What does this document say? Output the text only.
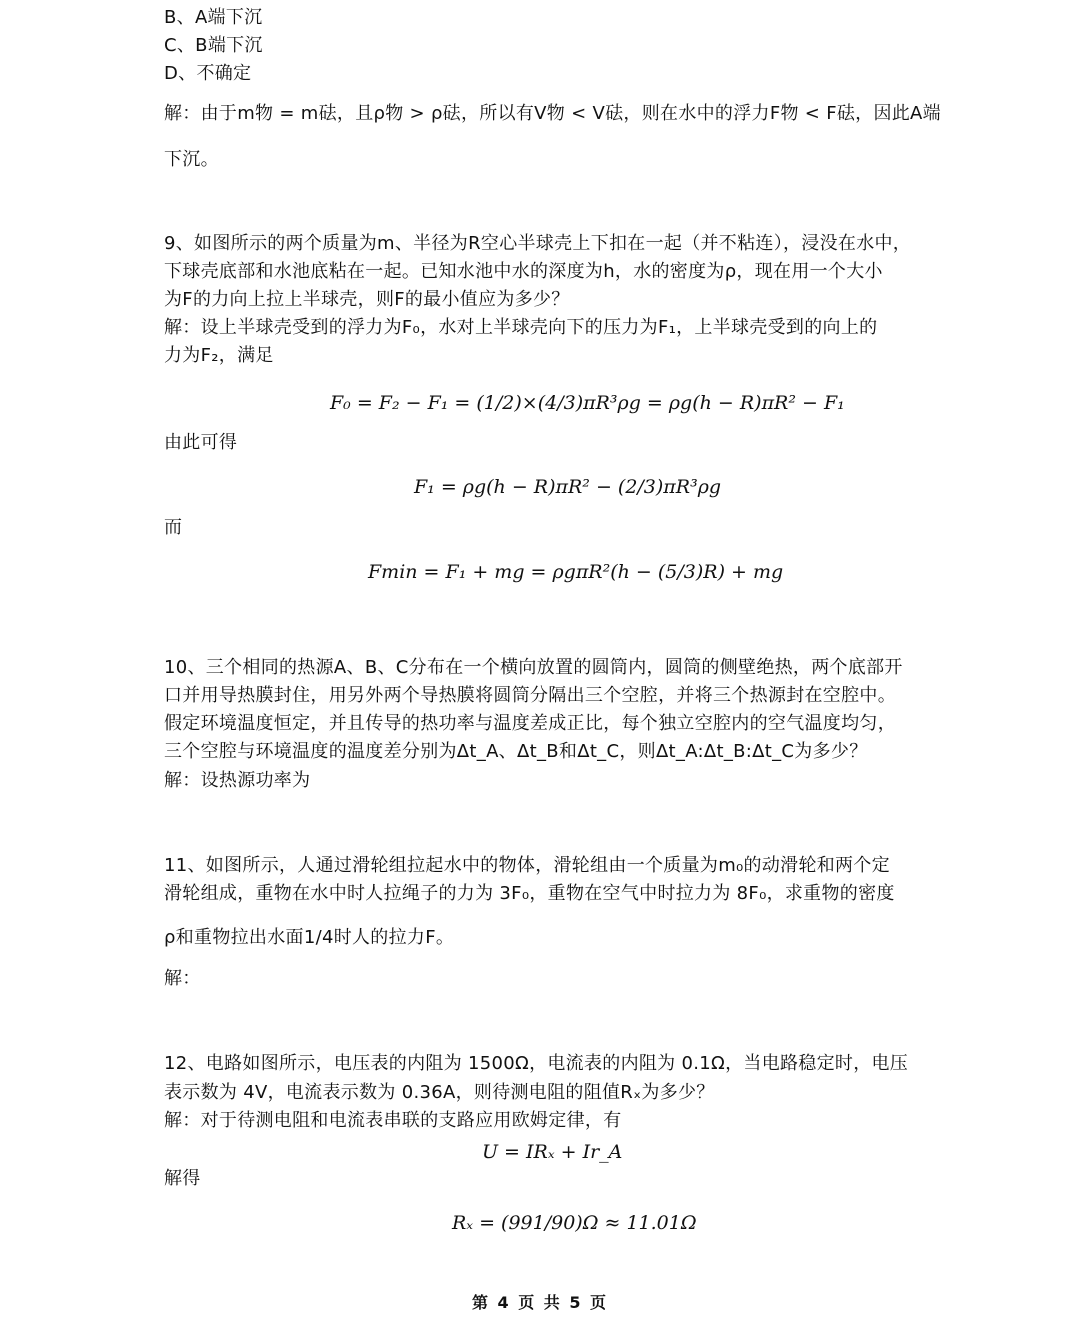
B、A端下沉
C、B端下沉
D、不确定
解：由于m物 = m砝，且ρ物 > ρ砝，所以有V物 < V砝，则在水中的浮力F物 < F砝，因此A端
下沉。
9、如图所示的两个质量为m、半径为R空心半球壳上下扣在一起（并不粘连），浸没在水中，
下球壳底部和水池底粘在一起。已知水池中水的深度为h，水的密度为ρ，现在用一个大小
为F的力向上拉上半球壳，则F的最小值应为多少？
解：设上半球壳受到的浮力为F₀，水对上半球壳向下的压力为F₁，上半球壳受到的向上的
力为F₂，满足
F₀ = F₂ − F₁ = (1/2)×(4/3)πR³ρg = ρg(h − R)πR² − F₁
由此可得
F₁ = ρg(h − R)πR² − (2/3)πR³ρg
而
Fmin = F₁ + mg = ρgπR²(h − (5/3)R) + mg
10、三个相同的热源A、B、C分布在一个横向放置的圆筒内，圆筒的侧壁绝热，两个底部开
口并用导热膜封住，用另外两个导热膜将圆筒分隔出三个空腔，并将三个热源封在空腔中。
假定环境温度恒定，并且传导的热功率与温度差成正比，每个独立空腔内的空气温度均匀，
三个空腔与环境温度的温度差分别为Δt_A、Δt_B和Δt_C，则Δt_A:Δt_B:Δt_C为多少？
解：设热源功率为
11、如图所示，人通过滑轮组拉起水中的物体，滑轮组由一个质量为m₀的动滑轮和两个定
滑轮组成，重物在水中时人拉绳子的力为 3F₀，重物在空气中时拉力为 8F₀，求重物的密度
ρ和重物拉出水面1/4时人的拉力F。
解：
12、电路如图所示，电压表的内阻为 1500Ω，电流表的内阻为 0.1Ω，当电路稳定时，电压
表示数为 4V，电流表示数为 0.36A，则待测电阻的阻值Rₓ为多少？
解：对于待测电阻和电流表串联的支路应用欧姆定律，有
U = IRₓ + Ir_A
解得
Rₓ = (991/90)Ω ≈ 11.01Ω
第 4 页 共 5 页
